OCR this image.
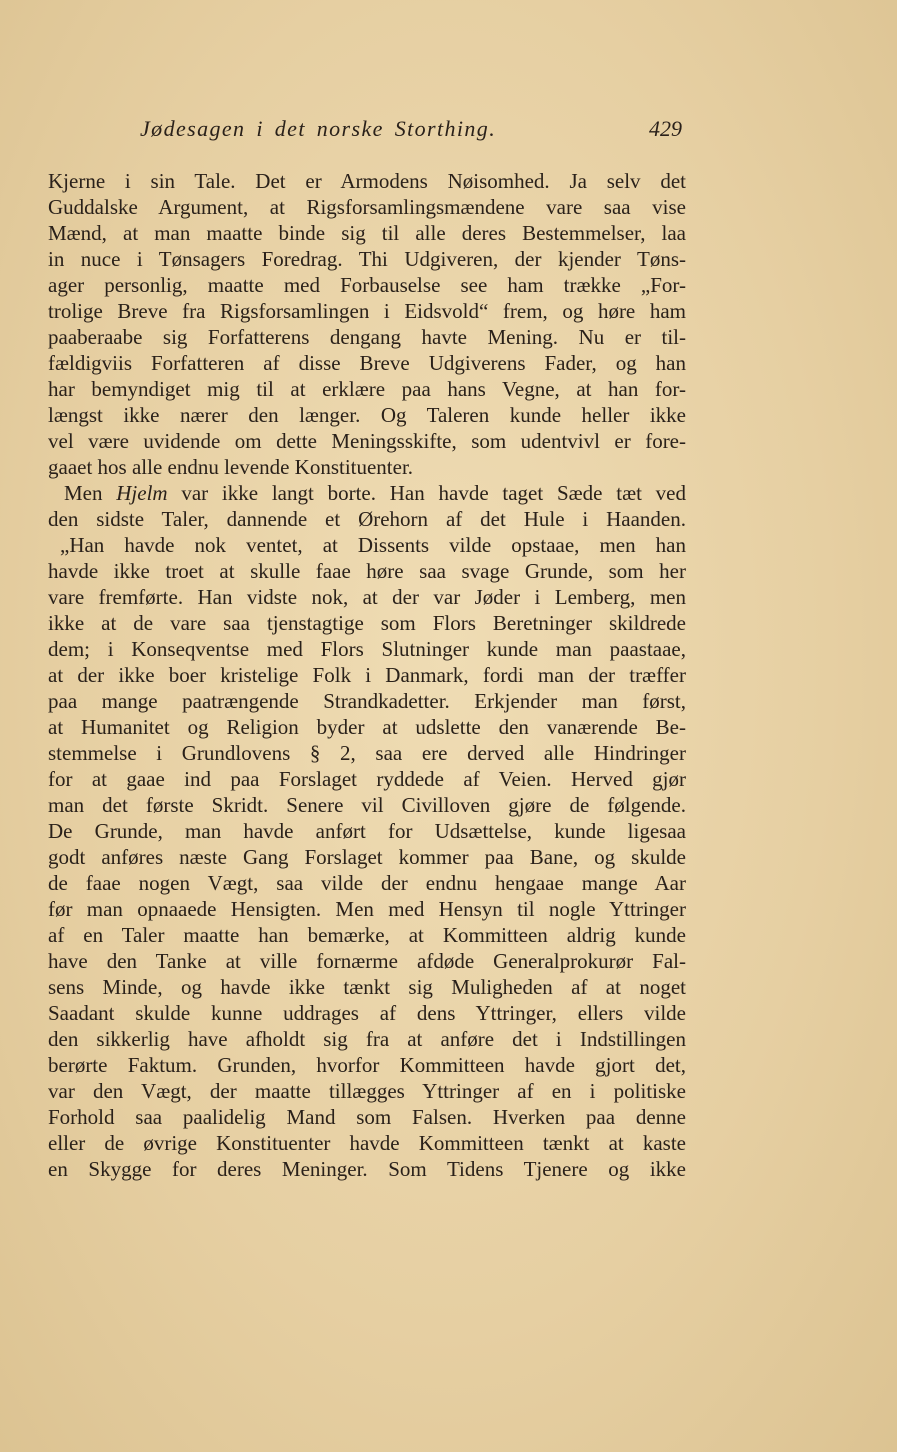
Jødesagen i det norske Storthing.	429
Kjerne i sin Tale. Det er Armodens Nøisomhed. Ja selv det
Guddalske Argument, at Rigsforsamlingsmændene vare saa vise
Mænd, at man maatte binde sig til alle deres Bestemmelser, laa
in nuce i Tønsagers Foredrag. Thi Udgiveren, der kjender Tøns-
ager personlig, maatte med Forbauselse see ham trække „For-
trolige Breve fra Rigsforsamlingen i Eidsvold“ frem, og høre ham
paaberaabe sig Forfatterens dengang havte Mening. Nu er til-
fældigviis Forfatteren af disse Breve Udgiverens Fader, og han
har bemyndiget mig til at erklære paa hans Vegne, at han for-
længst ikke nærer den længer. Og Taleren kunde heller ikke
vel være uvidende om dette Meningsskifte, som udentvivl er fore-
gaaet hos alle endnu levende Konstituenter.
Men Hjelm var ikke langt borte. Han havde taget Sæde tæt ved
den sidste Taler, dannende et Ørehorn af det Hule i Haanden.
„Han havde nok ventet, at Dissents vilde opstaae, men han
havde ikke troet at skulle faae høre saa svage Grunde, som her
vare fremførte. Han vidste nok, at der var Jøder i Lemberg, men
ikke at de vare saa tjenstagtige som Flors Beretninger skildrede
dem; i Konseqventse med Flors Slutninger kunde man paastaae,
at der ikke boer kristelige Folk i Danmark, fordi man der træffer
paa mange paatrængende Strandkadetter. Erkjender man først,
at Humanitet og Religion byder at udslette den vanærende Be-
stemmelse i Grundlovens § 2, saa ere derved alle Hindringer
for at gaae ind paa Forslaget ryddede af Veien. Herved gjør
man det første Skridt. Senere vil Civilloven gjøre de følgende.
De Grunde, man havde anført for Udsættelse, kunde ligesaa
godt anføres næste Gang Forslaget kommer paa Bane, og skulde
de faae nogen Vægt, saa vilde der endnu hengaae mange Aar
før man opnaaede Hensigten. Men med Hensyn til nogle Yttringer
af en Taler maatte han bemærke, at Kommitteen aldrig kunde
have den Tanke at ville fornærme afdøde Generalprokurør Fal-
sens Minde, og havde ikke tænkt sig Muligheden af at noget
Saadant skulde kunne uddrages af dens Yttringer, ellers vilde
den sikkerlig have afholdt sig fra at anføre det i Indstillingen
berørte Faktum. Grunden, hvorfor Kommitteen havde gjort det,
var den Vægt, der maatte tillægges Yttringer af en i politiske
Forhold saa paalidelig Mand som Falsen. Hverken paa denne
eller de øvrige Konstituenter havde Kommitteen tænkt at kaste
en Skygge for deres Meninger. Som Tidens Tjenere og ikke
